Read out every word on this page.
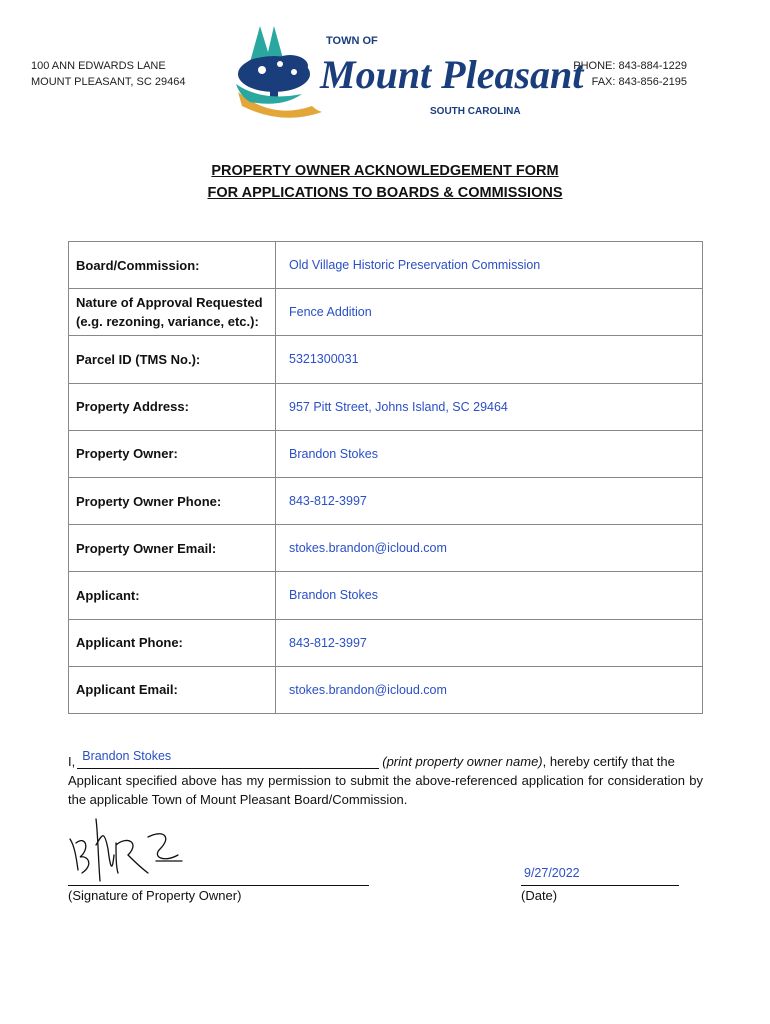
100 ANN EDWARDS LANE
MOUNT PLEASANT, SC 29464
TOWN OF
Mount Pleasant
SOUTH CAROLINA
PHONE: 843-884-1229
FAX: 843-856-2195
PROPERTY OWNER ACKNOWLEDGEMENT FORM
FOR APPLICATIONS TO BOARDS & COMMISSIONS
Board/Commission:	Old Village Historic Preservation Commission
Nature of Approval Requested (e.g. rezoning, variance, etc.):	Fence Addition
Parcel ID (TMS No.):	5321300031
Property Address:	957 Pitt Street, Johns Island, SC 29464
Property Owner:	Brandon Stokes
Property Owner Phone:	843-812-3997
Property Owner Email:	stokes.brandon@icloud.com
Applicant:	Brandon Stokes
Applicant Phone:	843-812-3997
Applicant Email:	stokes.brandon@icloud.com
I, Brandon Stokes	(print property owner name) , hereby certify that the
Applicant specified above has my permission to submit the above-referenced application for consideration by the applicable Town of Mount Pleasant Board/Commission.
(Signature of Property Owner)
9/27/2022
(Date)
